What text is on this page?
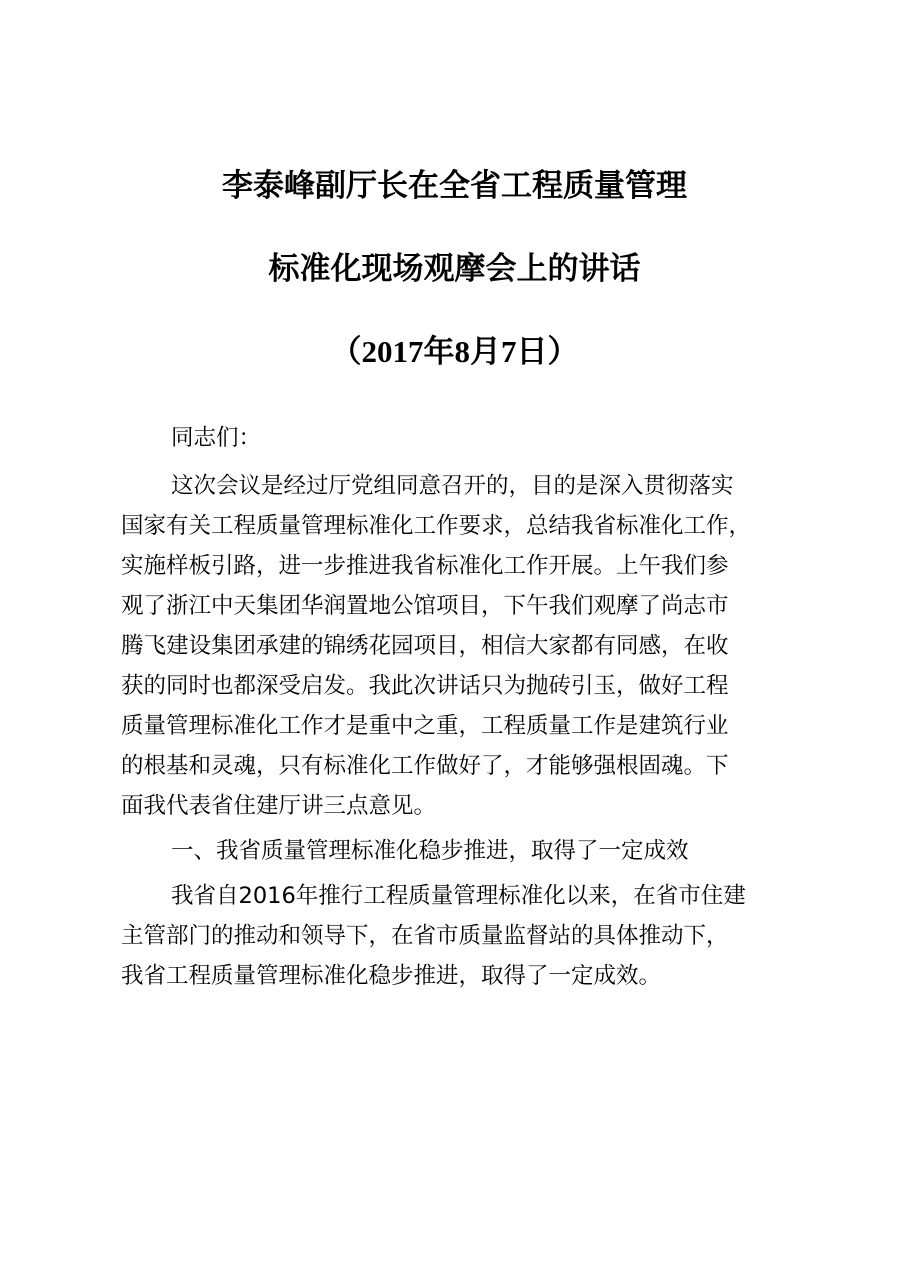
李泰峰副厅长在全省工程质量管理
标准化现场观摩会上的讲话
（2017年8月7日）

同志们：

这次会议是经过厅党组同意召开的，目的是深入贯彻落实

国家有关工程质量管理标准化工作要求，总结我省标准化工作，

实施样板引路，进一步推进我省标准化工作开展。上午我们参

观了浙江中天集团华润置地公馆项目，下午我们观摩了尚志市

腾飞建设集团承建的锦绣花园项目，相信大家都有同感，在收

获的同时也都深受启发。我此次讲话只为抛砖引玉，做好工程

质量管理标准化工作才是重中之重，工程质量工作是建筑行业

的根基和灵魂，只有标准化工作做好了，才能够强根固魂。下

面我代表省住建厅讲三点意见。

一、我省质量管理标准化稳步推进，取得了一定成效

我省自2016年推行工程质量管理标准化以来，在省市住建

主管部门的推动和领导下，在省市质量监督站的具体推动下，

我省工程质量管理标准化稳步推进，取得了一定成效。
